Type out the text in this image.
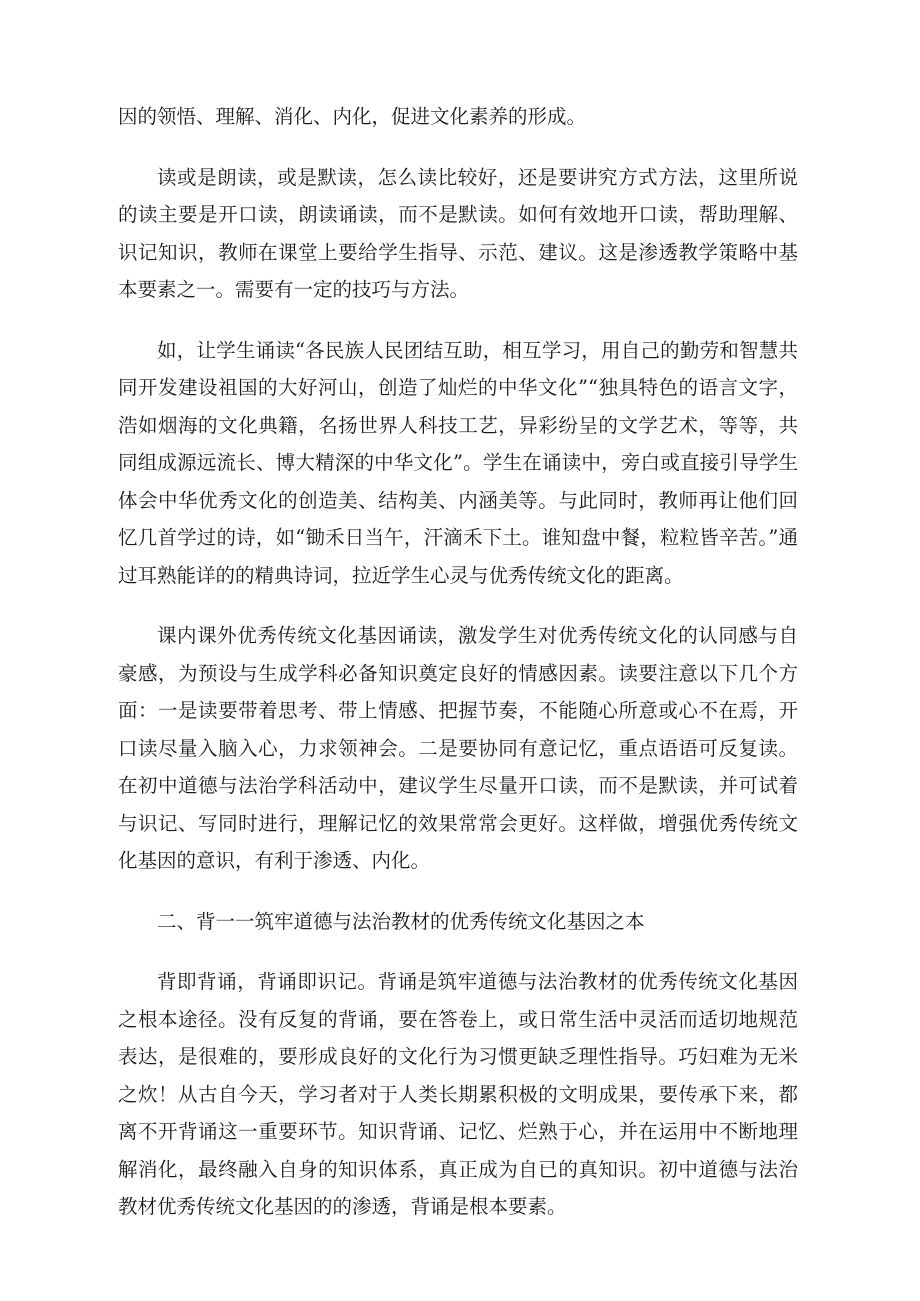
因的领悟、理解、消化、内化，促进文化素养的形成。

读或是朗读，或是默读，怎么读比较好，还是要讲究方式方法，这里所说的读主要是开口读，朗读诵读，而不是默读。如何有效地开口读，帮助理解、识记知识，教师在课堂上要给学生指导、示范、建议。这是渗透教学策略中基本要素之一。需要有一定的技巧与方法。

如，让学生诵读“各民族人民团结互助，相互学习，用自己的勤劳和智慧共同开发建设祖国的大好河山，创造了灿烂的中华文化”“独具特色的语言文字，浩如烟海的文化典籍，名扬世界人科技工艺，异彩纷呈的文学艺术，等等，共同组成源远流长、博大精深的中华文化”。学生在诵读中，旁白或直接引导学生体会中华优秀文化的创造美、结构美、内涵美等。与此同时，教师再让他们回忆几首学过的诗，如“锄禾日当午，汗滴禾下土。谁知盘中餐，粒粒皆辛苦。”通过耳熟能详的的精典诗词，拉近学生心灵与优秀传统文化的距离。

课内课外优秀传统文化基因诵读，激发学生对优秀传统文化的认同感与自豪感，为预设与生成学科必备知识奠定良好的情感因素。读要注意以下几个方面：一是读要带着思考、带上情感、把握节奏，不能随心所意或心不在焉，开口读尽量入脑入心，力求领神会。二是要协同有意记忆，重点语语可反复读。在初中道德与法治学科活动中，建议学生尽量开口读，而不是默读，并可试着与识记、写同时进行，理解记忆的效果常常会更好。这样做，增强优秀传统文化基因的意识，有利于渗透、内化。

二、背一一筑牢道德与法治教材的优秀传统文化基因之本

背即背诵，背诵即识记。背诵是筑牢道德与法治教材的优秀传统文化基因之根本途径。没有反复的背诵，要在答卷上，或日常生活中灵活而适切地规范表达，是很难的，要形成良好的文化行为习惯更缺乏理性指导。巧妇难为无米之炊！从古自今天，学习者对于人类长期累积极的文明成果，要传承下来，都离不开背诵这一重要环节。知识背诵、记忆、烂熟于心，并在运用中不断地理解消化，最终融入自身的知识体系，真正成为自已的真知识。初中道德与法治教材优秀传统文化基因的的渗透，背诵是根本要素。
